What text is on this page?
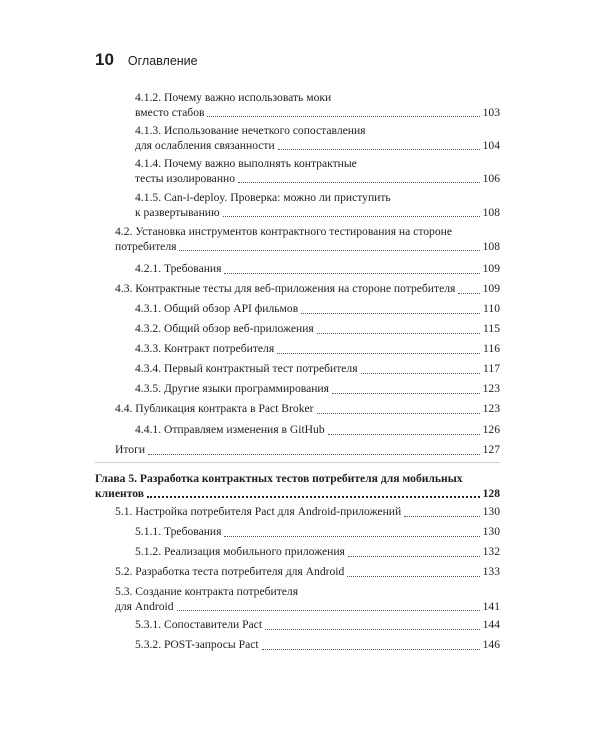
10 Оглавление
4.1.2. Почему важно использовать моки
вместо стабов	103
4.1.3. Использование нечеткого сопоставления
для ослабления связанности	104
4.1.4. Почему важно выполнять контрактные
тесты изолированно	106
4.1.5. Can-i-deploy. Проверка: можно ли приступить
к развертыванию	108
4.2. Установка инструментов контрактного тестирования на стороне
потребителя	108
4.2.1. Требования	109
4.3. Контрактные тесты для веб-приложения на стороне потребителя 109
4.3.1. Общий обзор API фильмов	110
4.3.2. Общий обзор веб-приложения	115
4.3.3. Контракт потребителя	116
4.3.4. Первый контрактный тест потребителя	117
4.3.5. Другие языки программирования	123
4.4. Публикация контракта в Pact Broker	123
4.4.1. Отправляем изменения в GitHub	126
Итоги	127
Глава 5. Разработка контрактных тестов потребителя для мобильных
клиентов	128
5.1. Настройка потребителя Pact для Android-приложений	130
5.1.1. Требования	130
5.1.2. Реализация мобильного приложения	132
5.2. Разработка теста потребителя для Android	133
5.3. Создание контракта потребителя
для Android	141
5.3.1. Сопоставители Pact	144
5.3.2. POST-запросы Pact	146
